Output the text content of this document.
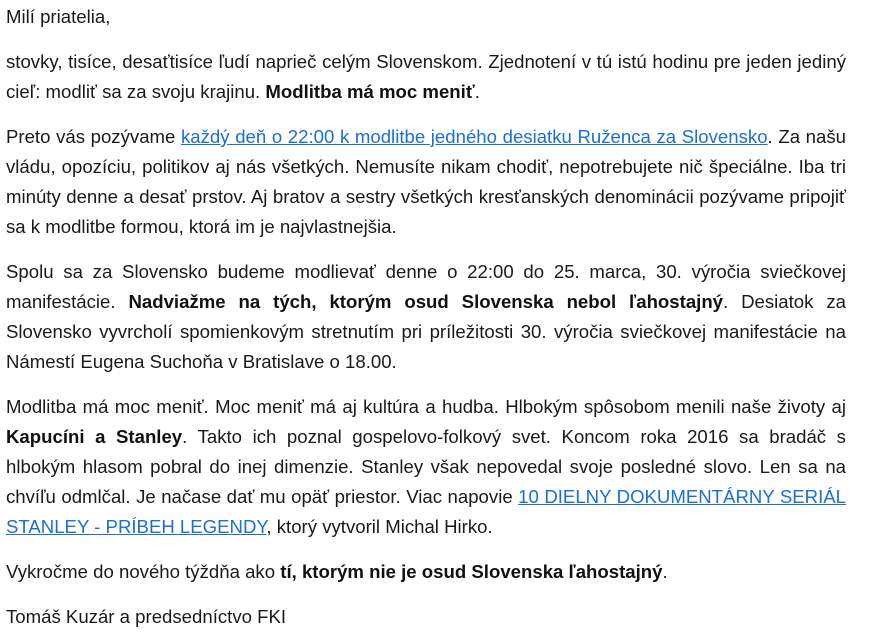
Milí priatelia,

stovky, tisíce, desaťtisíce ľudí naprieč celým Slovenskom. Zjednotení v tú istú hodinu pre jeden jediný cieľ: modliť sa za svoju krajinu. Modlitba má moc meniť.

Preto vás pozývame každý deň o 22:00 k modlitbe jedného desiatku Ruženca za Slovensko. Za našu vládu, opozíciu, politikov aj nás všetkých. Nemusíte nikam chodiť, nepotrebujete nič špeciálne. Iba tri minúty denne a desať prstov. Aj bratov a sestry všetkých kresťanských denominácii pozývame pripojiť sa k modlitbe formou, ktorá im je najvlastnejšia.

Spolu sa za Slovensko budeme modlievať denne o 22:00 do 25. marca, 30. výročia sviečkovej manifestácie. Nadviažme na tých, ktorým osud Slovenska nebol ľahostajný. Desiatok za Slovensko vyvrcholí spomienkovým stretnutím pri príležitosti 30. výročia sviečkovej manifestácie na Námestí Eugena Suchoňa v Bratislave o 18.00.

Modlitba má moc meniť. Moc meniť má aj kultúra a hudba. Hlbokým spôsobom menili naše životy aj Kapucíni a Stanley. Takto ich poznal gospelovo-folkový svet. Koncom roka 2016 sa bradáč s hlbokým hlasom pobral do inej dimenzie. Stanley však nepovedal svoje posledné slovo. Len sa na chvíľu odmlčal. Je načase dať mu opäť priestor. Viac napovie 10 DIELNY DOKUMENTÁRNY SERIÁL STANLEY - PRÍBEH LEGENDY, ktorý vytvoril Michal Hirko.

Vykročme do nového týždňa ako tí, ktorým nie je osud Slovenska ľahostajný.

Tomáš Kuzár a predsedníctvo FKI
